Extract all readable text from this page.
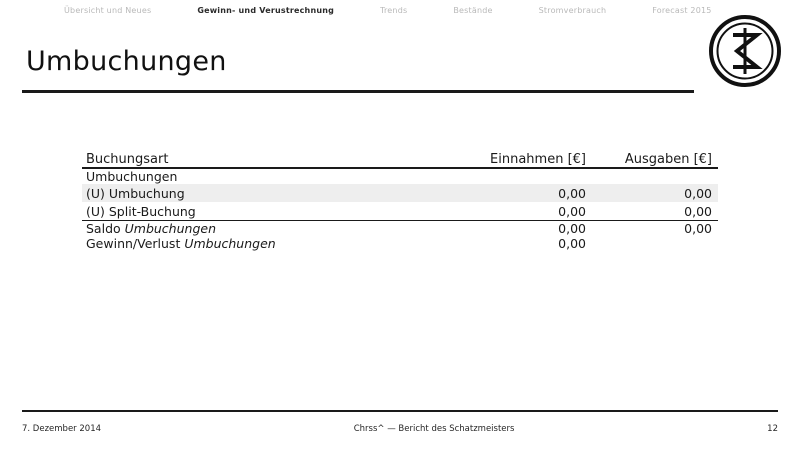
Übersicht und Neues	Gewinn- und Verustrechnung	Trends	Bestände	Stromverbrauch	Forecast 2015
Umbuchungen
Buchungsart	Einnahmen [€]	Ausgaben [€]

Umbuchungen		
(U) Umbuchung	0,00	0,00
(U) Split-Buchung	0,00	0,00

Saldo Umbuchungen	0,00	0,00
Gewinn/Verlust Umbuchungen	0,00	
7. Dezember 2014	Chrss^ — Bericht des Schatzmeisters	12
